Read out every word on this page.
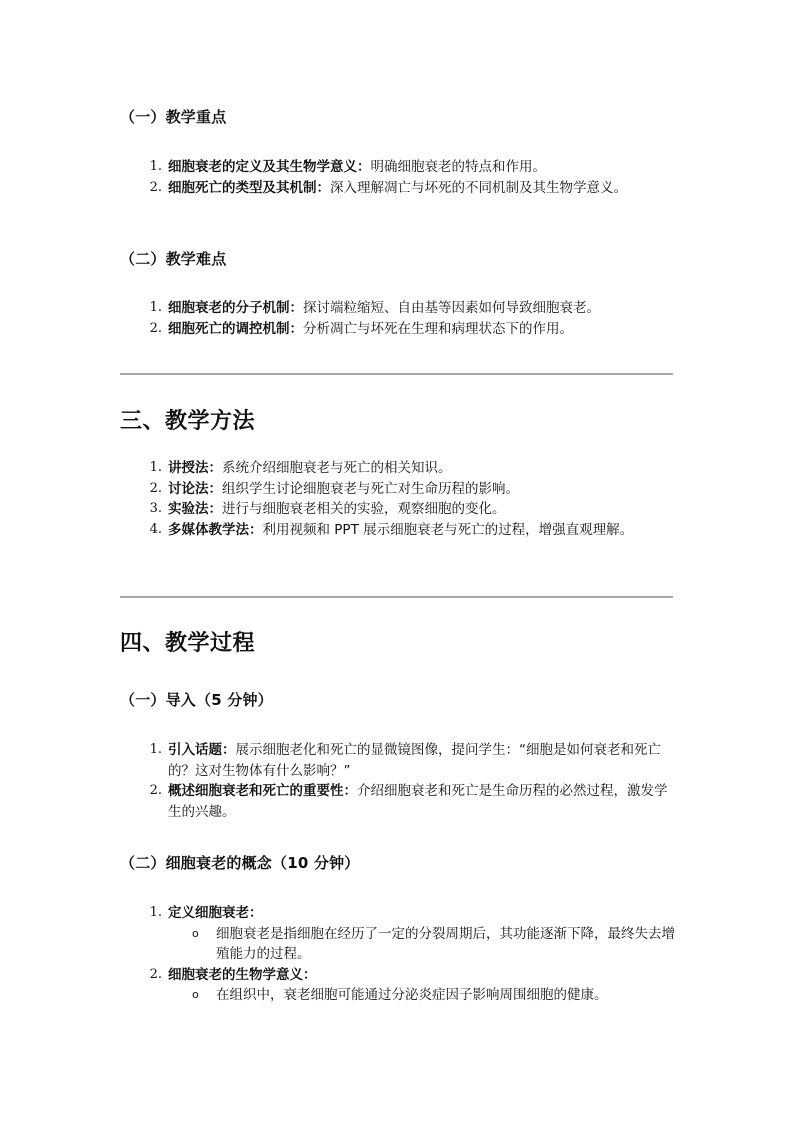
（一）教学重点
1. 细胞衰老的定义及其生物学意义：明确细胞衰老的特点和作用。
2. 细胞死亡的类型及其机制：深入理解凋亡与坏死的不同机制及其生物学意义。
（二）教学难点
1. 细胞衰老的分子机制：探讨端粒缩短、自由基等因素如何导致细胞衰老。
2. 细胞死亡的调控机制：分析凋亡与坏死在生理和病理状态下的作用。
三、教学方法
1. 讲授法：系统介绍细胞衰老与死亡的相关知识。
2. 讨论法：组织学生讨论细胞衰老与死亡对生命历程的影响。
3. 实验法：进行与细胞衰老相关的实验，观察细胞的变化。
4. 多媒体教学法：利用视频和 PPT 展示细胞衰老与死亡的过程，增强直观理解。
四、教学过程
（一）导入（5 分钟）
1. 引入话题：展示细胞老化和死亡的显微镜图像，提问学生：“细胞是如何衰老和死亡的？这对生物体有什么影响？”
2. 概述细胞衰老和死亡的重要性：介绍细胞衰老和死亡是生命历程的必然过程，激发学生的兴趣。
（二）细胞衰老的概念（10 分钟）
1. 定义细胞衰老：
o 细胞衰老是指细胞在经历了一定的分裂周期后，其功能逐渐下降，最终失去增殖能力的过程。
2. 细胞衰老的生物学意义：
o 在组织中，衰老细胞可能通过分泌炎症因子影响周围细胞的健康。
